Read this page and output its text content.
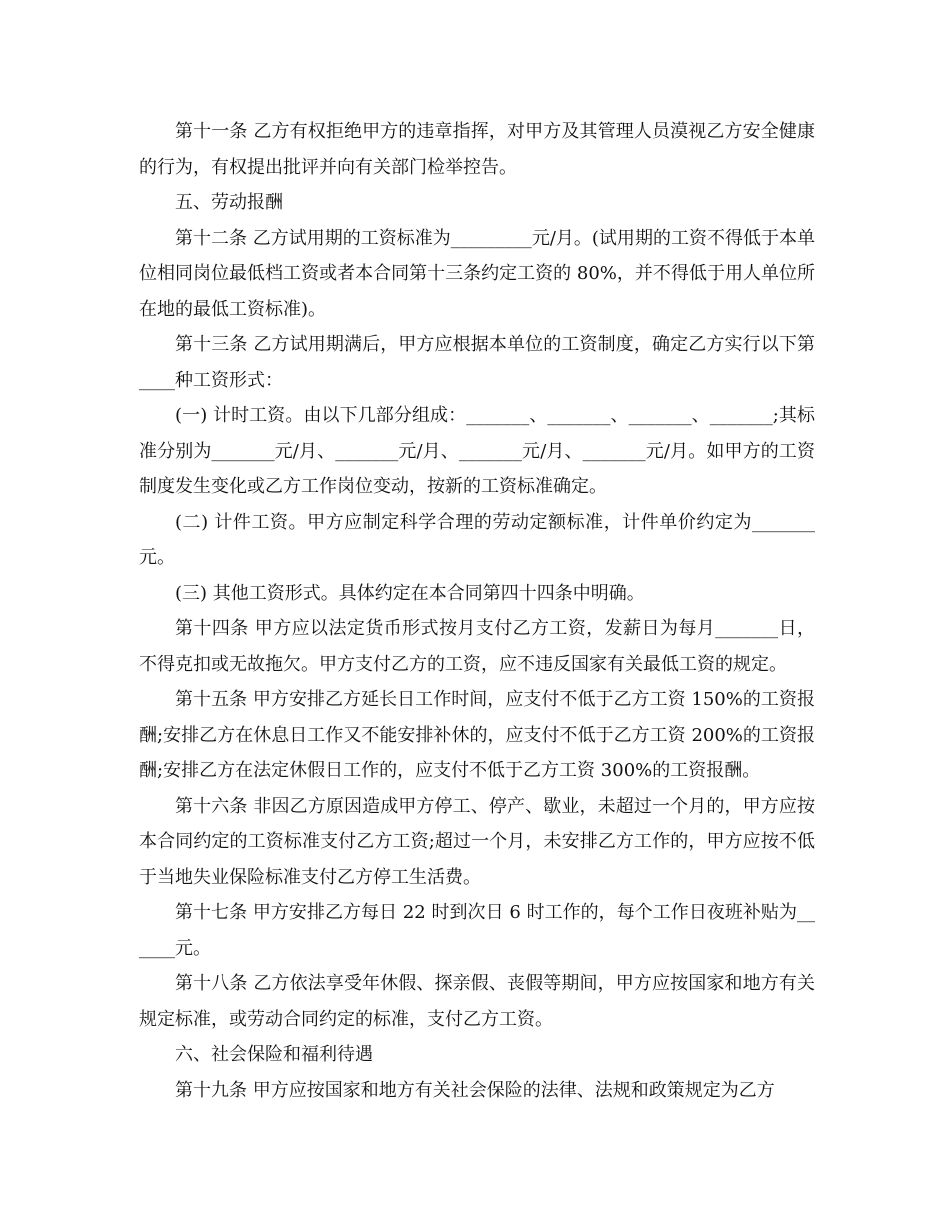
第十一条 乙方有权拒绝甲方的违章指挥，对甲方及其管理人员漠视乙方安全健康的行为，有权提出批评并向有关部门检举控告。

五、劳动报酬

第十二条 乙方试用期的工资标准为_________元/月。(试用期的工资不得低于本单位相同岗位最低档工资或者本合同第十三条约定工资的 80%，并不得低于用人单位所在地的最低工资标准)。

第十三条 乙方试用期满后，甲方应根据本单位的工资制度，确定乙方实行以下第____种工资形式：

(一) 计时工资。由以下几部分组成：_______、_______、_______、_______;其标准分别为_______元/月、_______元/月、_______元/月、_______元/月。如甲方的工资制度发生变化或乙方工作岗位变动，按新的工资标准确定。

(二) 计件工资。甲方应制定科学合理的劳动定额标准，计件单价约定为_______元。

(三) 其他工资形式。具体约定在本合同第四十四条中明确。

第十四条 甲方应以法定货币形式按月支付乙方工资，发薪日为每月_______日，不得克扣或无故拖欠。甲方支付乙方的工资，应不违反国家有关最低工资的规定。

第十五条 甲方安排乙方延长日工作时间，应支付不低于乙方工资 150%的工资报酬;安排乙方在休息日工作又不能安排补休的，应支付不低于乙方工资 200%的工资报酬;安排乙方在法定休假日工作的，应支付不低于乙方工资 300%的工资报酬。

第十六条 非因乙方原因造成甲方停工、停产、歇业，未超过一个月的，甲方应按本合同约定的工资标准支付乙方工资;超过一个月，未安排乙方工作的，甲方应按不低于当地失业保险标准支付乙方停工生活费。

第十七条 甲方安排乙方每日 22 时到次日 6 时工作的，每个工作日夜班补贴为______元。

第十八条 乙方依法享受年休假、探亲假、丧假等期间，甲方应按国家和地方有关规定标准，或劳动合同约定的标准，支付乙方工资。

六、社会保险和福利待遇

第十九条 甲方应按国家和地方有关社会保险的法律、法规和政策规定为乙方
